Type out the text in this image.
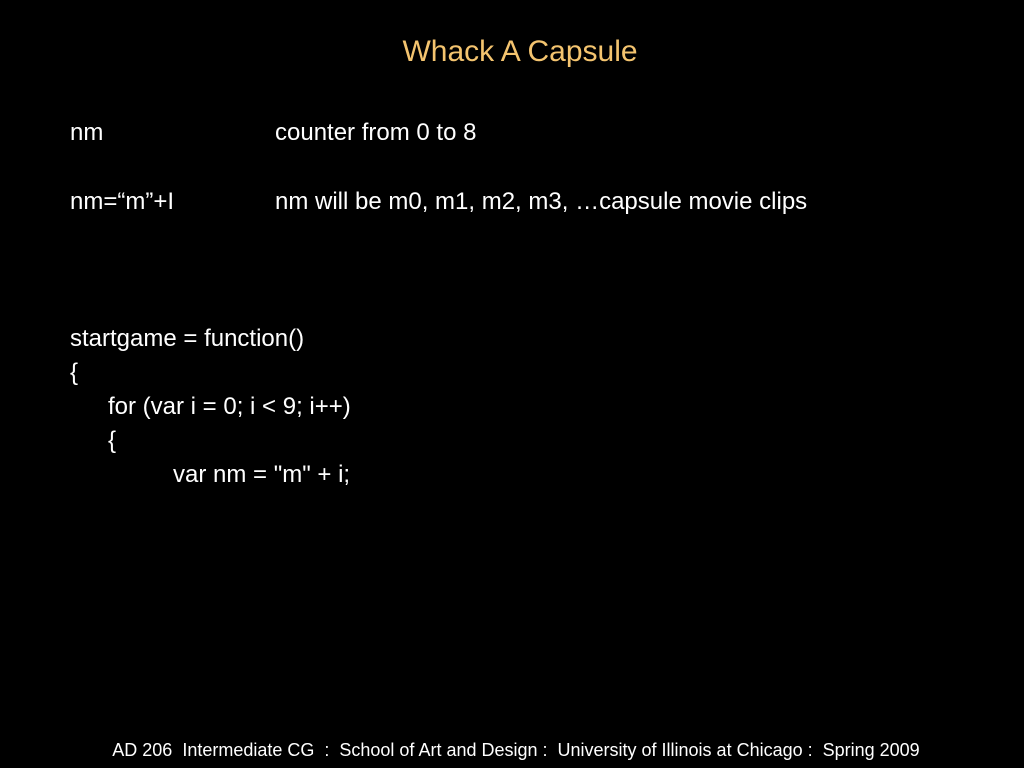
Whack A Capsule
nm	counter from 0 to 8
nm=“m”+I	nm will be m0, m1, m2, m3, …capsule movie clips
startgame = function()
{
for (var i = 0; i < 9; i++)
{
var nm = "m" + i;
AD 206  Intermediate CG  :  School of Art and Design :  University of Illinois at Chicago :  Spring 2009
